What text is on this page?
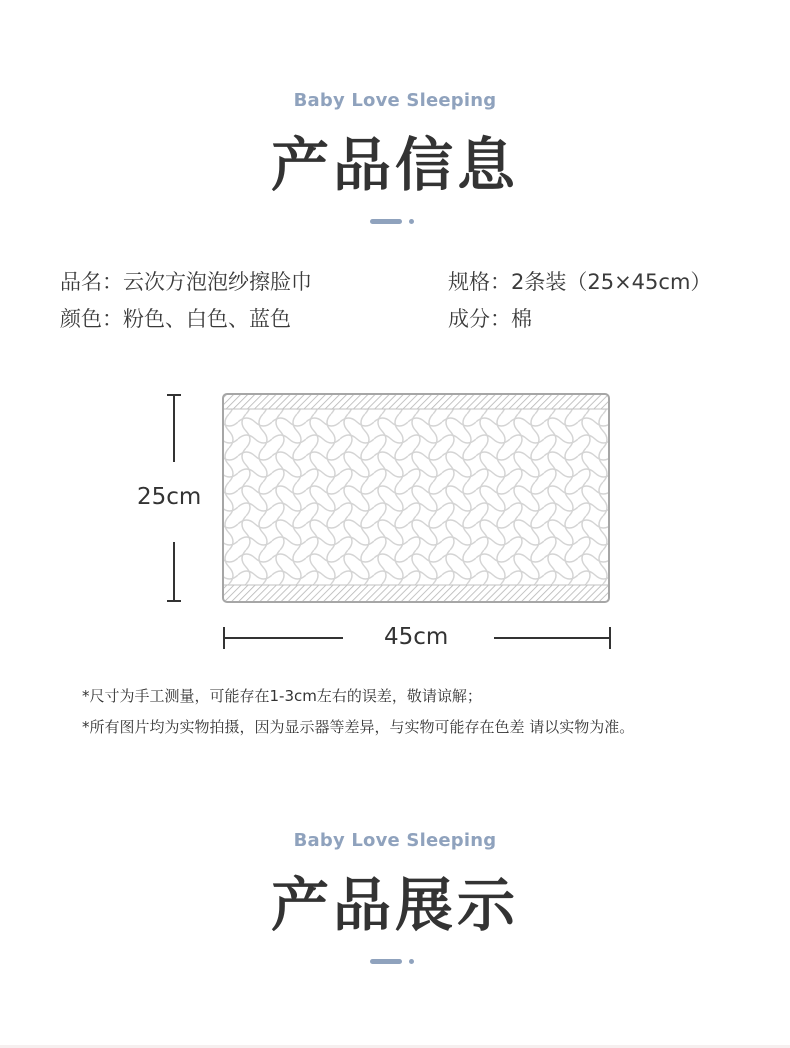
Baby Love Sleeping
产品信息
品名：云次方泡泡纱擦脸巾	规格：2条装（25×45cm）
颜色：粉色、白色、蓝色	成分：棉
25cm
45cm
*尺寸为手工测量，可能存在1-3cm左右的误差，敬请谅解；
*所有图片均为实物拍摄，因为显示器等差异，与实物可能存在色差 请以实物为准。
Baby Love Sleeping
产品展示
